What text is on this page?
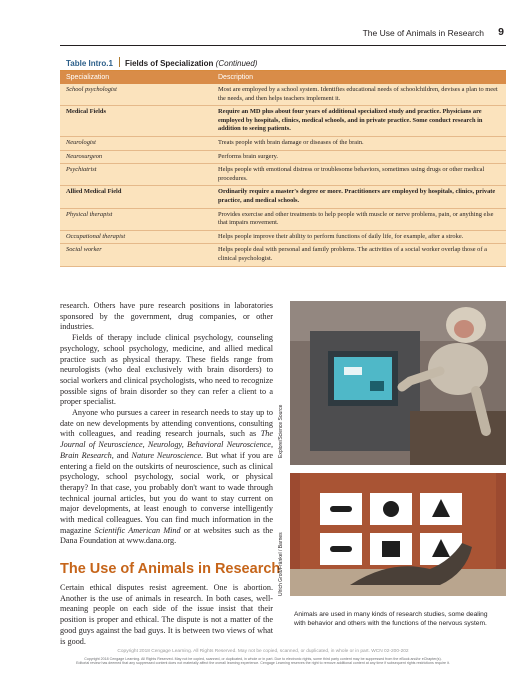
The Use of Animals in Research 9
Table Intro.1 Fields of Specialization (Continued)
Specialization	Description
School psychologist	Most are employed by a school system. Identifies educational needs of schoolchildren, devises a plan to meet the needs, and then helps teachers implement it.
Medical Fields	Require an MD plus about four years of additional specialized study and practice. Physicians are employed by hospitals, clinics, medical schools, and in private practice. Some conduct research in addition to seeing patients.
Neurologist	Treats people with brain damage or diseases of the brain.
Neurosurgeon	Performs brain surgery.
Psychiatrist	Helps people with emotional distress or troublesome behaviors, sometimes using drugs or other medical procedures.
Allied Medical Field	Ordinarily require a master's degree or more. Practitioners are employed by hospitals, clinics, private practice, and medical schools.
Physical therapist	Provides exercise and other treatments to help people with muscle or nerve problems, pain, or anything else that impairs movement.
Occupational therapist	Helps people improve their ability to perform functions of daily life, for example, after a stroke.
Social worker	Helps people deal with personal and family problems. The activities of a social worker overlap those of a clinical psychologist.

research. Others have pure research positions in laboratories sponsored by the government, drug companies, or other industries.

Fields of therapy include clinical psychology, counseling psychology, school psychology, medicine, and allied medical practice such as physical therapy. These fields range from neurologists (who deal exclusively with brain disorders) to social workers and clinical psychologists, who need to recognize possible signs of brain disorder so they can refer a client to a proper specialist.

Anyone who pursues a career in research needs to stay up to date on new developments by attending conventions, consulting with colleagues, and reading research journals, such as The Journal of Neuroscience, Neurology, Behavioral Neuroscience, Brain Research, and Nature Neuroscience. But what if you are entering a field on the outskirts of neuroscience, such as clinical psychology, school psychology, social work, or physical therapy? In that case, you probably don't want to wade through technical journal articles, but you do want to stay current on major developments, at least enough to converse intelligently with medical colleagues. You can find much information in the magazine Scientific American Mind or at websites such as the Dana Foundation at www.dana.org.

The Use of Animals in Research
Certain ethical disputes resist agreement. One is abortion. Another is the use of animals in research. In both cases, well-meaning people on each side of the issue insist that their position is proper and ethical. The dispute is not a matter of the good guys against the bad guys. It is between two views of what is good.
Explore/Science Source
Ulrich Groß/Fränkel / Barnes
Animals are used in many kinds of research studies, some dealing with behavior and others with the functions of the nervous system.
Copyright 2018 Cengage Learning. All Rights Reserved. May not be copied, scanned, or duplicated, in whole or in part. WCN 02-200-202
Copyright 2018 Cengage Learning. All Rights Reserved. May not be copied, scanned, or duplicated, in whole or in part. Due to electronic rights, some third party content may be suppressed from the eBook and/or eChapter(s).
Editorial review has deemed that any suppressed content does not materially affect the overall learning experience. Cengage Learning reserves the right to remove additional content at any time if subsequent rights restrictions require it.
